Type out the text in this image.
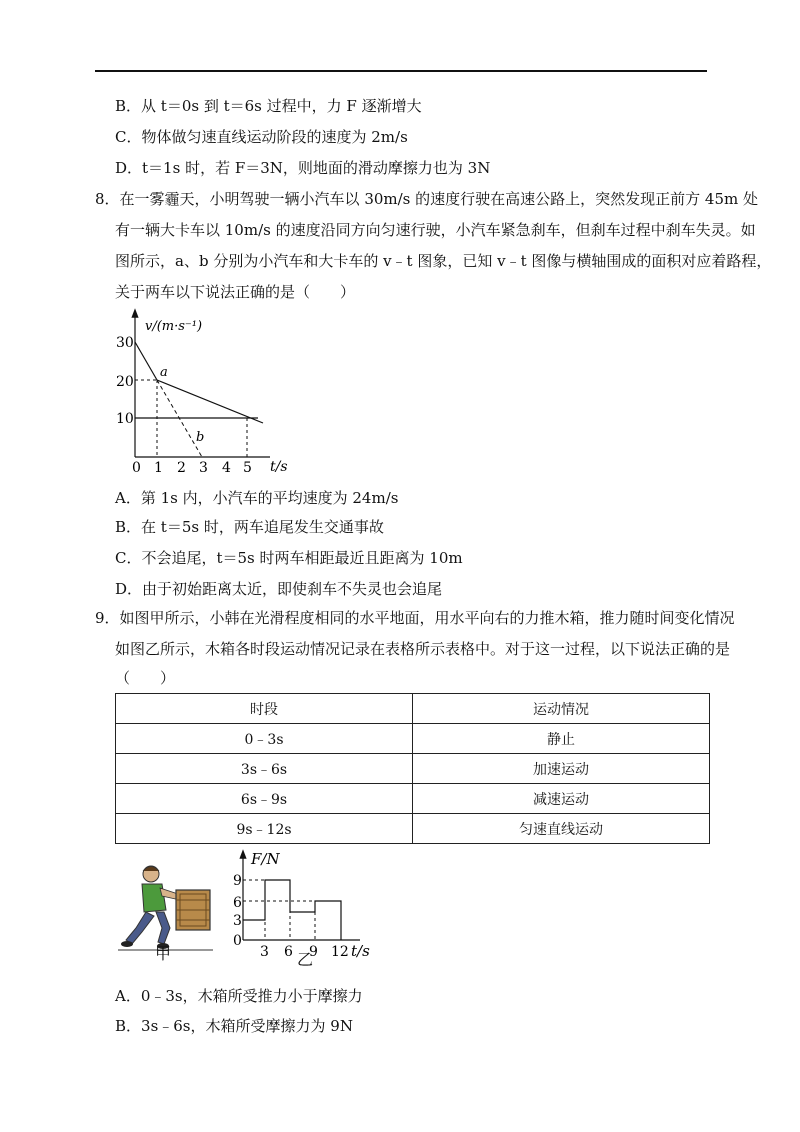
B．从 t＝0s 到 t＝6s 过程中，力 F 逐渐增大
C．物体做匀速直线运动阶段的速度为 2m/s
D．t＝1s 时，若 F＝3N，则地面的滑动摩擦力也为 3N
8．在一雾霾天，小明驾驶一辆小汽车以 30m/s 的速度行驶在高速公路上，突然发现正前方 45m 处
有一辆大卡车以 10m/s 的速度沿同方向匀速行驶，小汽车紧急刹车，但刹车过程中刹车失灵。如
图所示，a、b 分别为小汽车和大卡车的 v﹣t 图象，已知 v﹣t 图像与横轴围成的面积对应着路程，
关于两车以下说法正确的是（　　）
v/(m·s⁻¹)
t/s
30
20
10
0 1 2 3 4 5
a
b
A．第 1s 内，小汽车的平均速度为 24m/s
B．在 t＝5s 时，两车追尾发生交通事故
C．不会追尾，t＝5s 时两车相距最近且距离为 10m
D．由于初始距离太近，即使刹车不失灵也会追尾
9．如图甲所示，小韩在光滑程度相同的水平地面，用水平向右的力推木箱，推力随时间变化情况
如图乙所示，木箱各时段运动情况记录在表格所示表格中。对于这一过程，以下说法正确的是
（　　）
时段	运动情况
0﹣3s	静止
3s﹣6s	加速运动
6s﹣9s	减速运动
9s﹣12s	匀速直线运动
甲
F/N
9
6
3
0
3 6 9 12 t/s
乙
A．0﹣3s，木箱所受推力小于摩擦力
B．3s﹣6s，木箱所受摩擦力为 9N
